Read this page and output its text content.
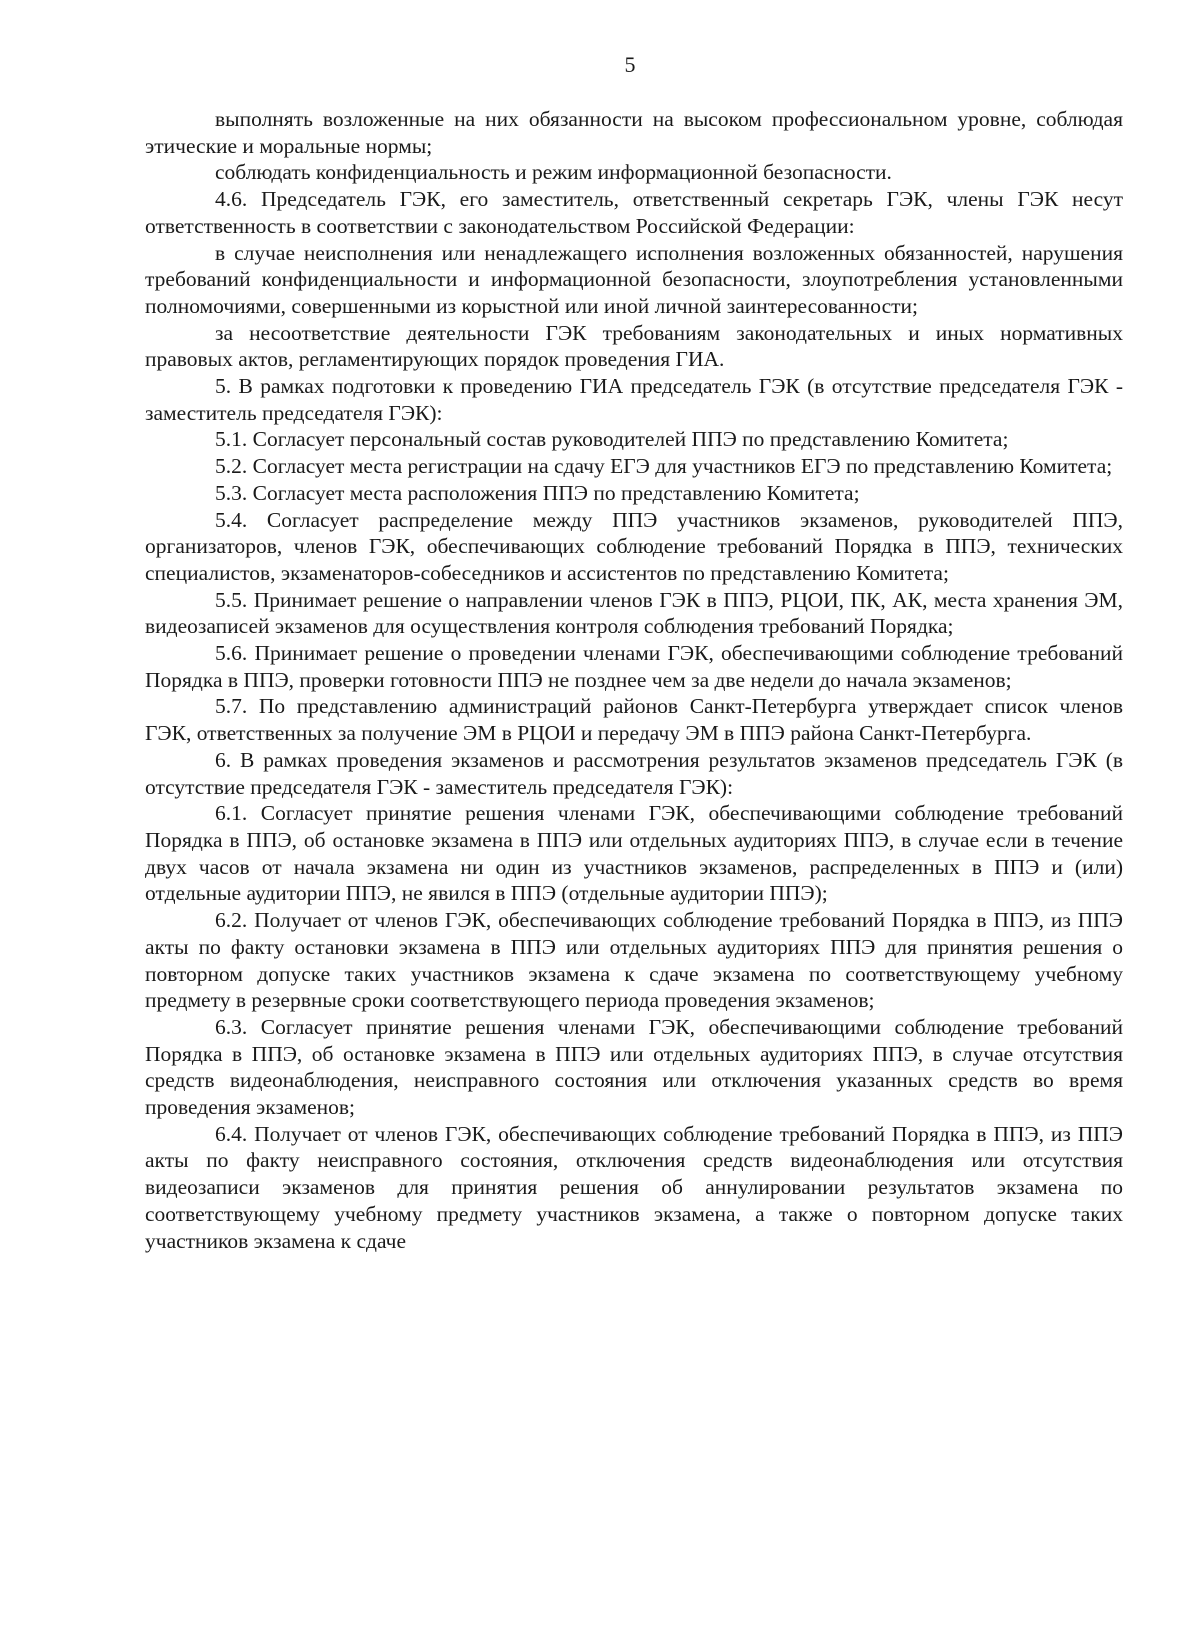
5

выполнять возложенные на них обязанности на высоком профессиональном уровне, соблюдая этические и моральные нормы;

соблюдать конфиденциальность и режим информационной безопасности.

4.6. Председатель ГЭК, его заместитель, ответственный секретарь ГЭК, члены ГЭК несут ответственность в соответствии с законодательством Российской Федерации:

в случае неисполнения или ненадлежащего исполнения возложенных обязанностей, нарушения требований конфиденциальности и информационной безопасности, злоупотребления установленными полномочиями, совершенными из корыстной или иной личной заинтересованности;

за несоответствие деятельности ГЭК требованиям законодательных и иных нормативных правовых актов, регламентирующих порядок проведения ГИА.

5. В рамках подготовки к проведению ГИА председатель ГЭК (в отсутствие председателя ГЭК - заместитель председателя ГЭК):

5.1. Согласует персональный состав руководителей ППЭ по представлению Комитета;

5.2. Согласует места регистрации на сдачу ЕГЭ для участников ЕГЭ по представлению Комитета;

5.3. Согласует места расположения ППЭ по представлению Комитета;

5.4. Согласует распределение между ППЭ участников экзаменов, руководителей ППЭ, организаторов, членов ГЭК, обеспечивающих соблюдение требований Порядка в ППЭ, технических специалистов, экзаменаторов-собеседников и ассистентов по представлению Комитета;

5.5. Принимает решение о направлении членов ГЭК в ППЭ, РЦОИ, ПК, АК, места хранения ЭМ, видеозаписей экзаменов для осуществления контроля соблюдения требований Порядка;

5.6. Принимает решение о проведении членами ГЭК, обеспечивающими соблюдение требований Порядка в ППЭ, проверки готовности ППЭ не позднее чем за две недели до начала экзаменов;

5.7. По представлению администраций районов Санкт-Петербурга утверждает список членов ГЭК, ответственных за получение ЭМ в РЦОИ и передачу ЭМ в ППЭ района Санкт-Петербурга.

6. В рамках проведения экзаменов и рассмотрения результатов экзаменов председатель ГЭК (в отсутствие председателя ГЭК - заместитель председателя ГЭК):

6.1. Согласует принятие решения членами ГЭК, обеспечивающими соблюдение требований Порядка в ППЭ, об остановке экзамена в ППЭ или отдельных аудиториях ППЭ, в случае если в течение двух часов от начала экзамена ни один из участников экзаменов, распределенных в ППЭ и (или) отдельные аудитории ППЭ, не явился в ППЭ (отдельные аудитории ППЭ);

6.2. Получает от членов ГЭК, обеспечивающих соблюдение требований Порядка в ППЭ, из ППЭ акты по факту остановки экзамена в ППЭ или отдельных аудиториях ППЭ для принятия решения о повторном допуске таких участников экзамена к сдаче экзамена по соответствующему учебному предмету в резервные сроки соответствующего периода проведения экзаменов;

6.3. Согласует принятие решения членами ГЭК, обеспечивающими соблюдение требований Порядка в ППЭ, об остановке экзамена в ППЭ или отдельных аудиториях ППЭ, в случае отсутствия средств видеонаблюдения, неисправного состояния или отключения указанных средств во время проведения экзаменов;

6.4. Получает от членов ГЭК, обеспечивающих соблюдение требований Порядка в ППЭ, из ППЭ акты по факту неисправного состояния, отключения средств видеонаблюдения или отсутствия видеозаписи экзаменов для принятия решения об аннулировании результатов экзамена по соответствующему учебному предмету участников экзамена, а также о повторном допуске таких участников экзамена к сдаче
